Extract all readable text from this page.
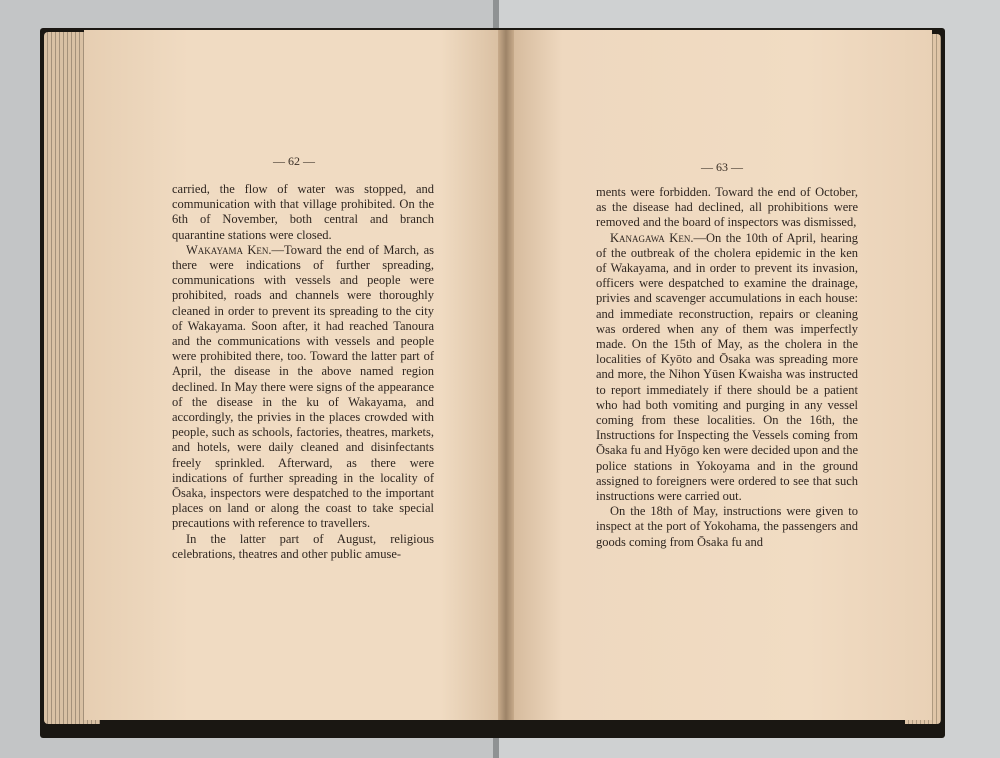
— 62 —

carried, the flow of water was stopped, and communication with that village prohibited. On the 6th of November, both central and branch quarantine stations were closed.

Wakayama Ken.—Toward the end of March, as there were indications of further spreading, communications with vessels and people were prohibited, roads and channels were thoroughly cleaned in order to prevent its spreading to the city of Wakayama. Soon after, it had reached Tanoura and the communications with vessels and people were prohibited there, too. Toward the latter part of April, the disease in the above named region declined. In May there were signs of the appearance of the disease in the ku of Wakayama, and accordingly, the privies in the places crowded with people, such as schools, factories, theatres, markets, and hotels, were daily cleaned and disinfectants freely sprinkled. Afterward, as there were indications of further spreading in the locality of Ōsaka, inspectors were despatched to the important places on land or along the coast to take special precautions with reference to travellers.

In the latter part of August, religious celebrations, theatres and other public amuse-

— 63 —

ments were forbidden. Toward the end of October, as the disease had declined, all prohibitions were removed and the board of inspectors was dismissed,

Kanagawa Ken.—On the 10th of April, hearing of the outbreak of the cholera epidemic in the ken of Wakayama, and in order to prevent its invasion, officers were despatched to examine the drainage, privies and scavenger accumulations in each house: and immediate reconstruction, repairs or cleaning was ordered when any of them was imperfectly made. On the 15th of May, as the cholera in the localities of Kyōto and Ōsaka was spreading more and more, the Nihon Yūsen Kwaisha was instructed to report immediately if there should be a patient who had both vomiting and purging in any vessel coming from these localities. On the 16th, the Instructions for Inspecting the Vessels coming from Ōsaka fu and Hyōgo ken were decided upon and the police stations in Yokoyama and in the ground assigned to foreigners were ordered to see that such instructions were carried out.

On the 18th of May, instructions were given to inspect at the port of Yokohama, the passengers and goods coming from Ōsaka fu and
